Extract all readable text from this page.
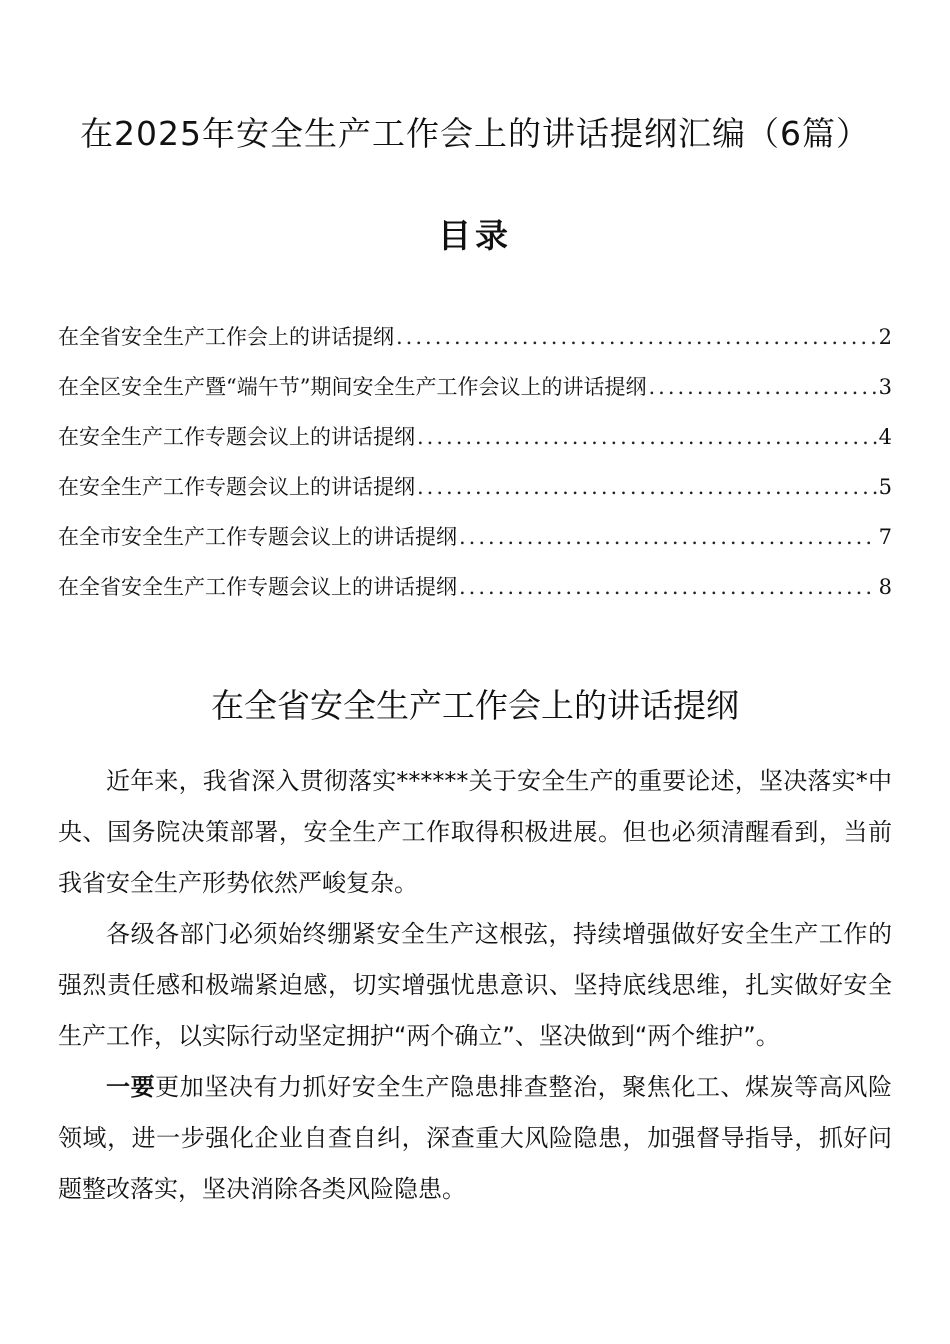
在2025年安全生产工作会上的讲话提纲汇编（6篇）
目录
在全省安全生产工作会上的讲话提纲 .....	2
在全区安全生产暨“端午节”期间安全生产工作会议上的讲话提纲 .....	3
在安全生产工作专题会议上的讲话提纲 .....	4
在安全生产工作专题会议上的讲话提纲 .....	5
在全市安全生产工作专题会议上的讲话提纲 .....	7
在全省安全生产工作专题会议上的讲话提纲 .....	8
在全省安全生产工作会上的讲话提纲

近年来，我省深入贯彻落实******关于安全生产的重要论述，坚决落实*中央、国务院决策部署，安全生产工作取得积极进展。但也必须清醒看到，当前我省安全生产形势依然严峻复杂。

各级各部门必须始终绷紧安全生产这根弦，持续增强做好安全生产工作的强烈责任感和极端紧迫感，切实增强忧患意识、坚持底线思维，扎实做好安全生产工作，以实际行动坚定拥护“两个确立”、坚决做到“两个维护”。

一要更加坚决有力抓好安全生产隐患排查整治，聚焦化工、煤炭等高风险领域，进一步强化企业自查自纠，深查重大风险隐患，加强督导指导，抓好问题整改落实，坚决消除各类风险隐患。
